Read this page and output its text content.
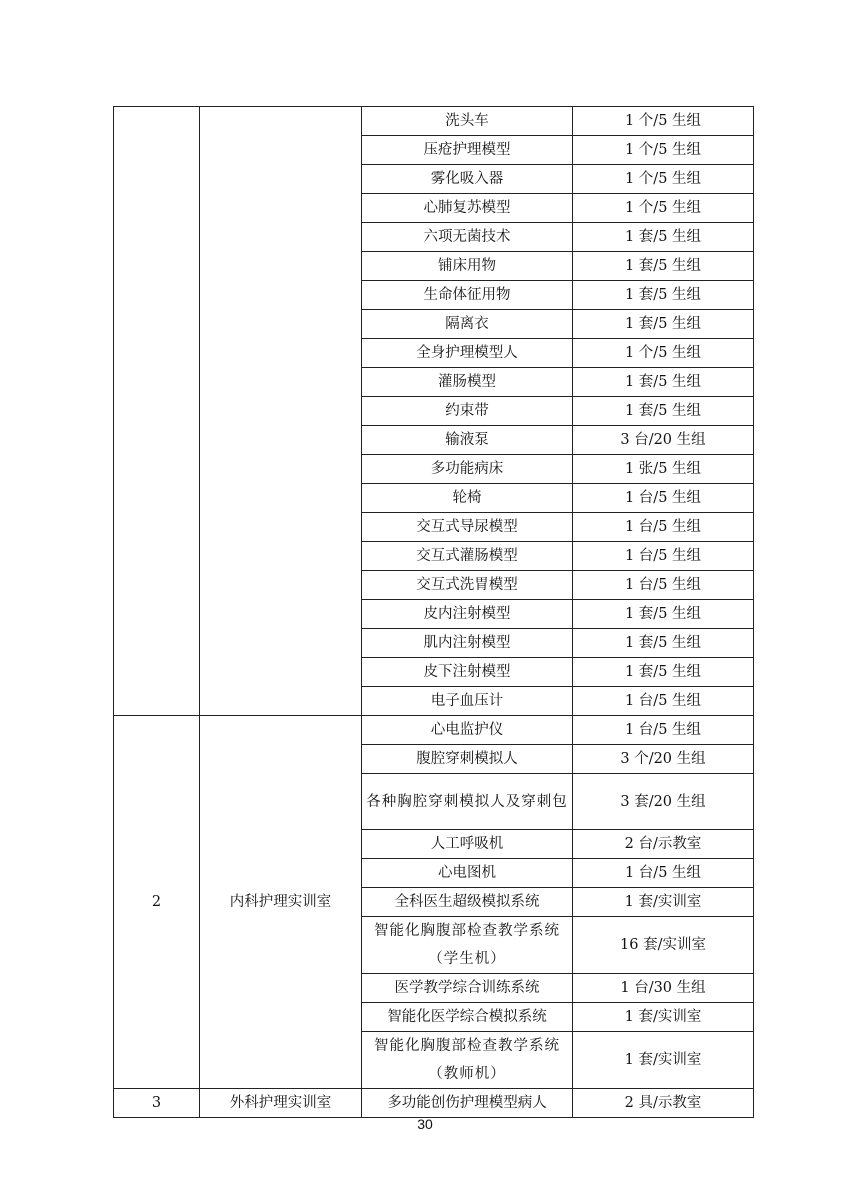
		洗头车	1 个/5 生组
		压疮护理模型	1 个/5 生组
		雾化吸入器	1 个/5 生组
		心肺复苏模型	1 个/5 生组
		六项无菌技术	1 套/5 生组
		铺床用物	1 套/5 生组
		生命体征用物	1 套/5 生组
		隔离衣	1 套/5 生组
		全身护理模型人	1 个/5 生组
		灌肠模型	1 套/5 生组
		约束带	1 套/5 生组
		输液泵	3 台/20 生组
		多功能病床	1 张/5 生组
		轮椅	1 台/5 生组
		交互式导尿模型	1 台/5 生组
		交互式灌肠模型	1 台/5 生组
		交互式洗胃模型	1 台/5 生组
		皮内注射模型	1 套/5 生组
		肌内注射模型	1 套/5 生组
		皮下注射模型	1 套/5 生组
		电子血压计	1 台/5 生组
2	内科护理实训室	心电监护仪	1 台/5 生组
		腹腔穿刺模拟人	3 个/20 生组
		各种胸腔穿刺模拟人及穿刺包	3 套/20 生组
		人工呼吸机	2 台/示教室
		心电图机	1 台/5 生组
		全科医生超级模拟系统	1 套/实训室
		智能化胸腹部检查教学系统（学生机）	16 套/实训室
		医学教学综合训练系统	1 台/30 生组
		智能化医学综合模拟系统	1 套/实训室
		智能化胸腹部检查教学系统（教师机）	1 套/实训室
3	外科护理实训室	多功能创伤护理模型病人	2 具/示教室
30
